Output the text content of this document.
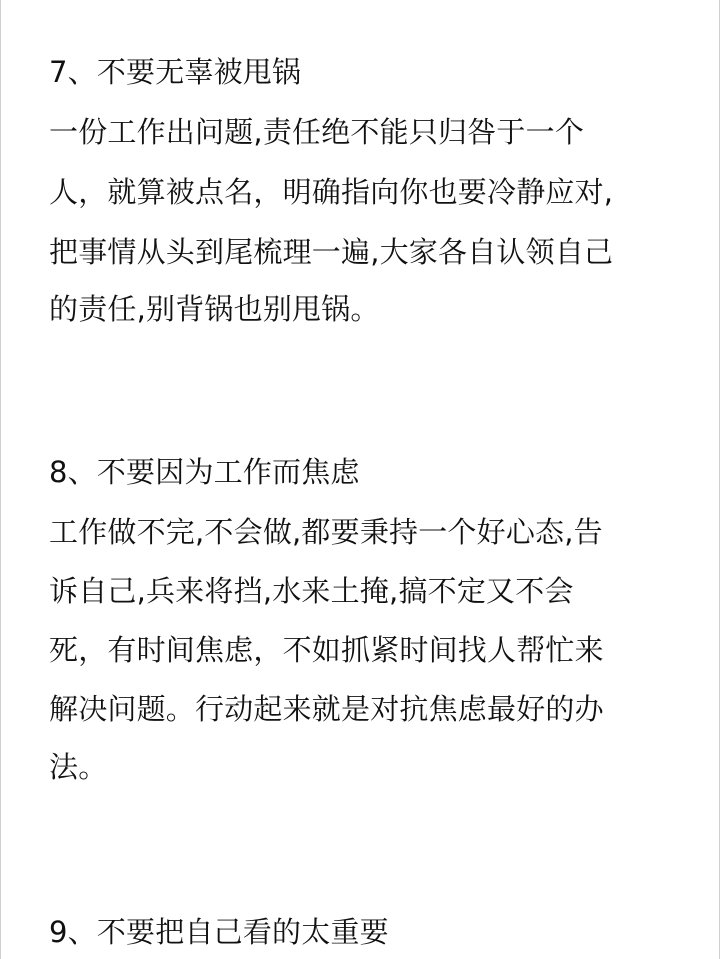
7、不要无辜被甩锅

一份工作出问题,责任绝不能只归咎于一个

人，就算被点名，明确指向你也要冷静应对,

把事情从头到尾梳理一遍,大家各自认领自己

的责任,别背锅也别甩锅。

8、不要因为工作而焦虑

工作做不完,不会做,都要秉持一个好心态,告

诉自己,兵来将挡,水来土掩,搞不定又不会

死，有时间焦虑，不如抓紧时间找人帮忙来

解决问题。行动起来就是对抗焦虑最好的办

法。

9、不要把自己看的太重要
